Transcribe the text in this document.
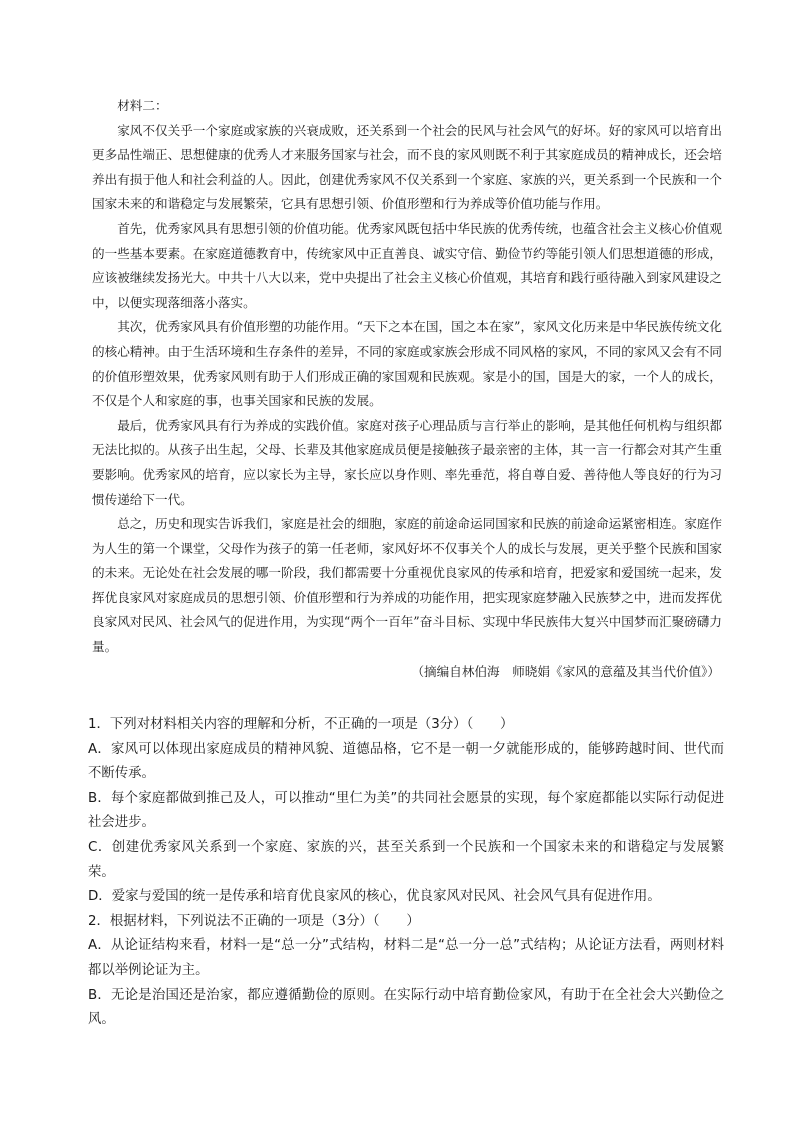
材料二：

家风不仅关乎一个家庭或家族的兴衰成败，还关系到一个社会的民风与社会风气的好坏。好的家风可以培育出更多品性端正、思想健康的优秀人才来服务国家与社会，而不良的家风则既不利于其家庭成员的精神成长，还会培养出有损于他人和社会利益的人。因此，创建优秀家风不仅关系到一个家庭、家族的兴，更关系到一个民族和一个国家未来的和谐稳定与发展繁荣，它具有思想引领、价值形塑和行为养成等价值功能与作用。

首先，优秀家风具有思想引领的价值功能。优秀家风既包括中华民族的优秀传统，也蕴含社会主义核心价值观的一些基本要素。在家庭道德教育中，传统家风中正直善良、诚实守信、勤俭节约等能引领人们思想道德的形成，应该被继续发扬光大。中共十八大以来，党中央提出了社会主义核心价值观，其培育和践行亟待融入到家风建设之中，以便实现落细落小落实。

其次，优秀家风具有价值形塑的功能作用。“天下之本在国，国之本在家”，家风文化历来是中华民族传统文化的核心精神。由于生活环境和生存条件的差异，不同的家庭或家族会形成不同风格的家风，不同的家风又会有不同的价值形塑效果，优秀家风则有助于人们形成正确的家国观和民族观。家是小的国，国是大的家，一个人的成长，不仅是个人和家庭的事，也事关国家和民族的发展。

最后，优秀家风具有行为养成的实践价值。家庭对孩子心理品质与言行举止的影响，是其他任何机构与组织都无法比拟的。从孩子出生起，父母、长辈及其他家庭成员便是接触孩子最亲密的主体，其一言一行都会对其产生重要影响。优秀家风的培育，应以家长为主导，家长应以身作则、率先垂范，将自尊自爱、善待他人等良好的行为习惯传递给下一代。

总之，历史和现实告诉我们，家庭是社会的细胞，家庭的前途命运同国家和民族的前途命运紧密相连。家庭作为人生的第一个课堂，父母作为孩子的第一任老师，家风好坏不仅事关个人的成长与发展，更关乎整个民族和国家的未来。无论处在社会发展的哪一阶段，我们都需要十分重视优良家风的传承和培育，把爱家和爱国统一起来，发挥优良家风对家庭成员的思想引领、价值形塑和行为养成的功能作用，把实现家庭梦融入民族梦之中，进而发挥优良家风对民风、社会风气的促进作用，为实现“两个一百年”奋斗目标、实现中华民族伟大复兴中国梦而汇聚磅礴力量。

（摘编自林伯海　师晓娟《家风的意蕴及其当代价值》）

1．下列对材料相关内容的理解和分析，不正确的一项是（3分）（　　）

A．家风可以体现出家庭成员的精神风貌、道德品格，它不是一朝一夕就能形成的，能够跨越时间、世代而不断传承。

B．每个家庭都做到推己及人，可以推动“里仁为美”的共同社会愿景的实现，每个家庭都能以实际行动促进社会进步。

C．创建优秀家风关系到一个家庭、家族的兴，甚至关系到一个民族和一个国家未来的和谐稳定与发展繁荣。

D．爱家与爱国的统一是传承和培育优良家风的核心，优良家风对民风、社会风气具有促进作用。

2．根据材料，下列说法不正确的一项是（3分）（　　）

A．从论证结构来看，材料一是“总一分”式结构，材料二是“总一分一总”式结构；从论证方法看，两则材料都以举例论证为主。

B．无论是治国还是治家，都应遵循勤俭的原则。在实际行动中培育勤俭家风，有助于在全社会大兴勤俭之风。
